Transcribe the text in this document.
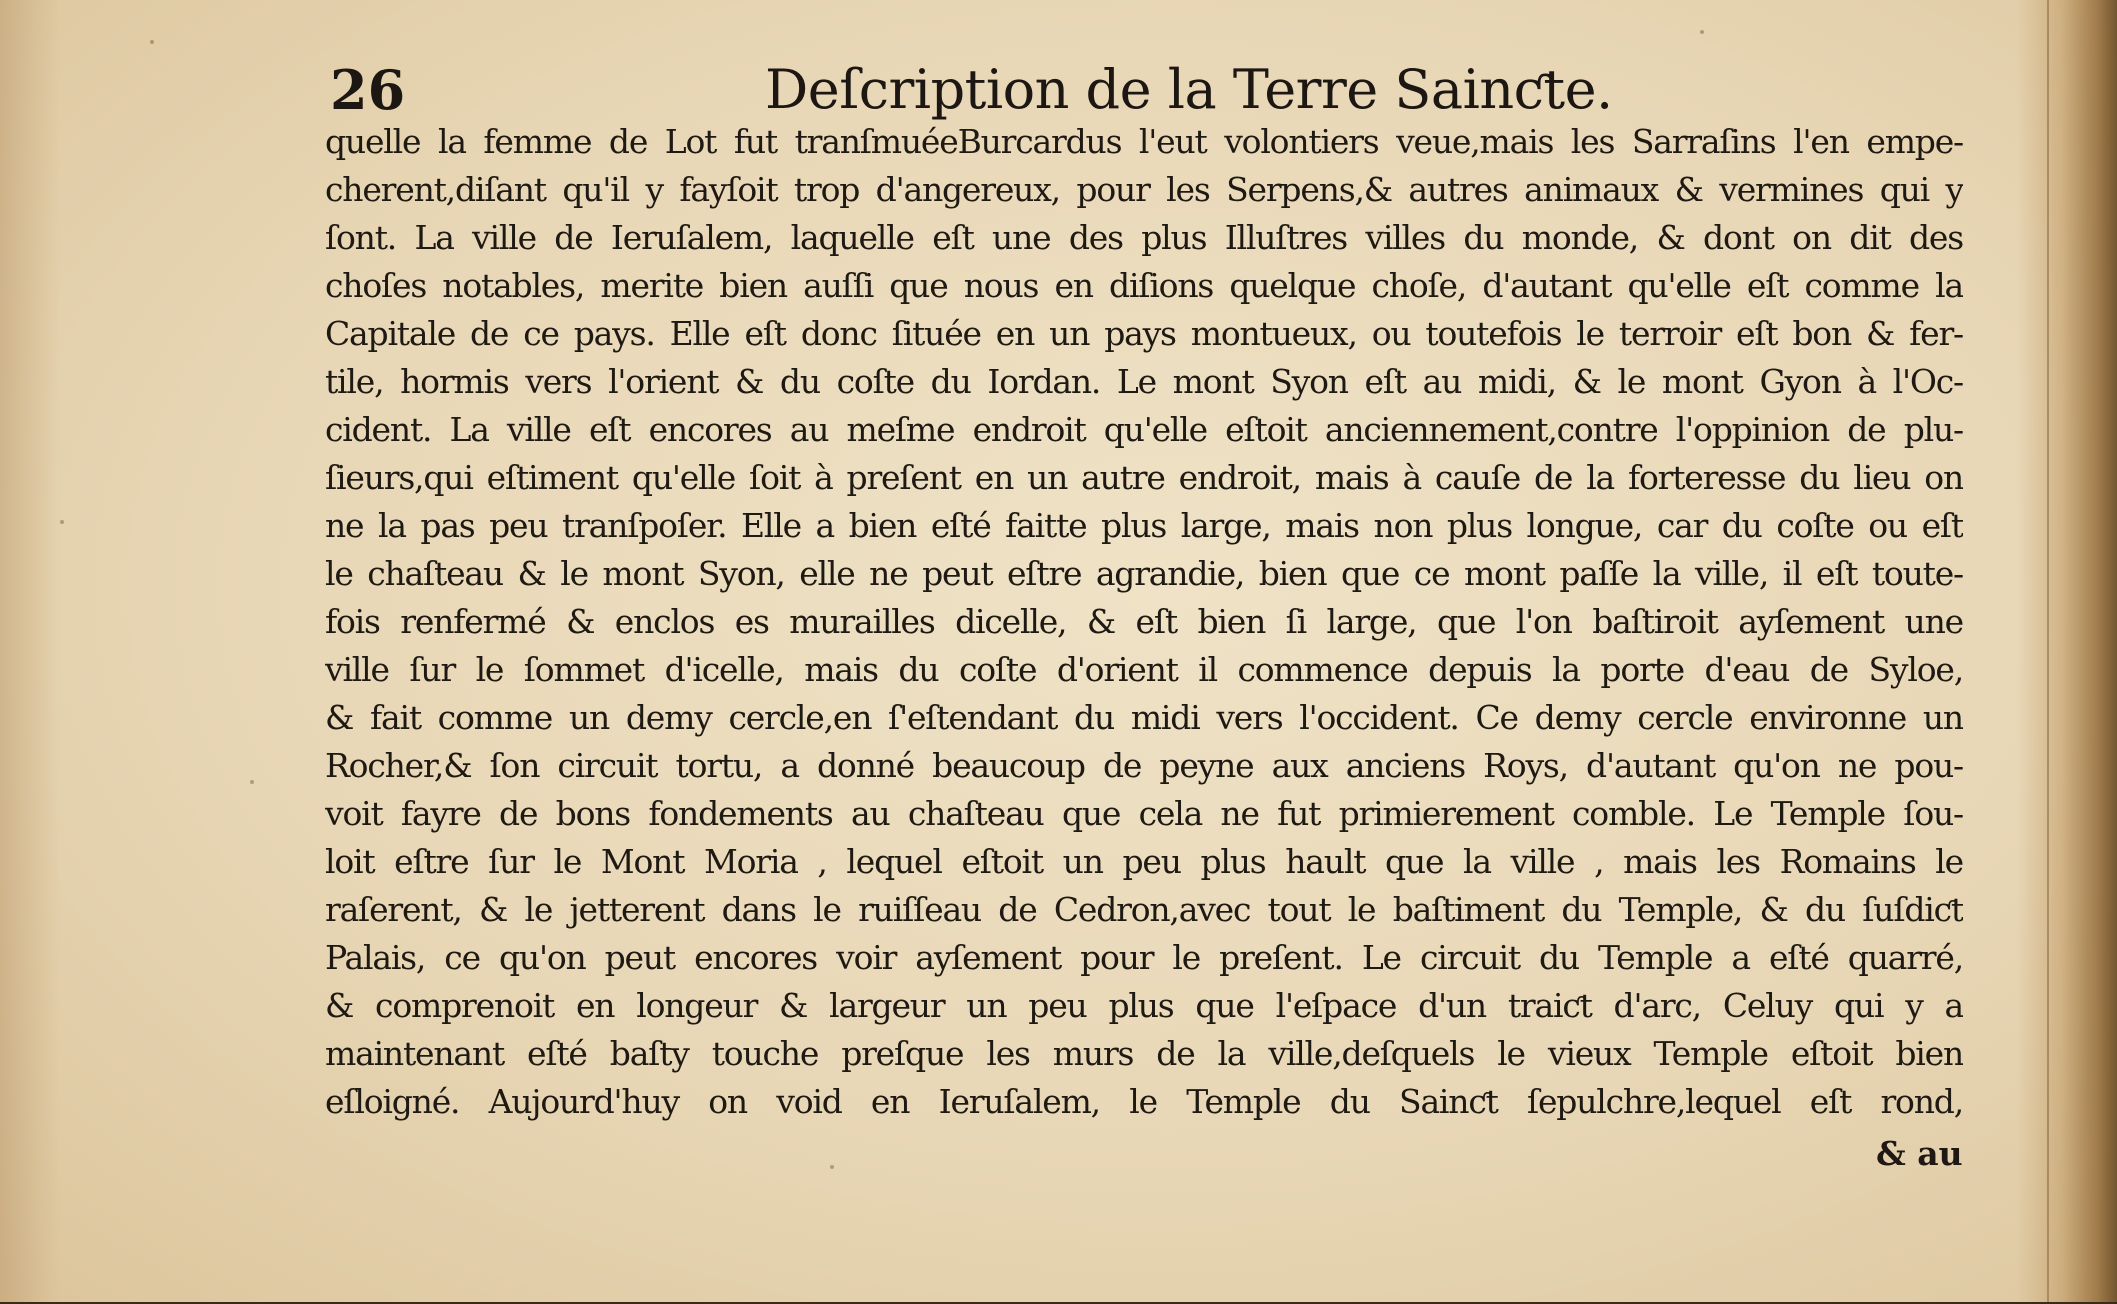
26	Deſcription de la Terre Sainƈte.
quelle la femme de Lot fut tranſmuéeBurcardus l'eut volontiers veue,mais les Sarraſins l'en empe-
cherent,diſant qu'il y fayſoit trop d'angereux, pour les Serpens,& autres animaux & vermines qui y
ſont. La ville de Ieruſalem, laquelle eſt une des plus Illuſtres villes du monde, & dont on dit des
choſes notables, merite bien auſſi que nous en diſions quelque choſe, d'autant qu'elle eſt comme la
Capitale de ce pays. Elle eſt donc ſituée en un pays montueux, ou toutefois le terroir eſt bon & fer-
tile, hormis vers l'orient & du coſte du Iordan. Le mont Syon eſt au midi, & le mont Gyon à l'Oc-
cident. La ville eſt encores au meſme endroit qu'elle eſtoit anciennement,contre l'oppinion de plu-
ſieurs,qui eſtiment qu'elle ſoit à preſent en un autre endroit, mais à cauſe de la forteresse du lieu on
ne la pas peu tranſpoſer. Elle a bien eſté faitte plus large, mais non plus longue, car du coſte ou eſt
le chaſteau & le mont Syon, elle ne peut eſtre agrandie, bien que ce mont paſſe la ville, il eſt toute-
fois renfermé & enclos es murailles dicelle, & eſt bien ſi large, que l'on baſtiroit ayſement une
ville ſur le ſommet d'icelle, mais du coſte d'orient il commence depuis la porte d'eau de Syloe,
& fait comme un demy cercle,en ſ'eſtendant du midi vers l'occident. Ce demy cercle environne un
Rocher,& ſon circuit tortu, a donné beaucoup de peyne aux anciens Roys, d'autant qu'on ne pou-
voit fayre de bons fondements au chaſteau que cela ne fut primierement comble. Le Temple ſou-
loit eſtre ſur le Mont Moria , lequel eſtoit un peu plus hault que la ville , mais les Romains le
raſerent, & le jetterent dans le ruiſſeau de Cedron,avec tout le baſtiment du Temple, & du ſuſdiƈt
Palais, ce qu'on peut encores voir ayſement pour le preſent. Le circuit du Temple a eſté quarré,
& comprenoit en longeur & largeur un peu plus que l'eſpace d'un traiƈt d'arc, Celuy qui y a
maintenant eſté baſty touche preſque les murs de la ville,deſquels le vieux Temple eſtoit bien
eſloigné. Aujourd'huy on void en Ieruſalem, le Temple du Sainƈt ſepulchre,lequel eſt rond,
& au
